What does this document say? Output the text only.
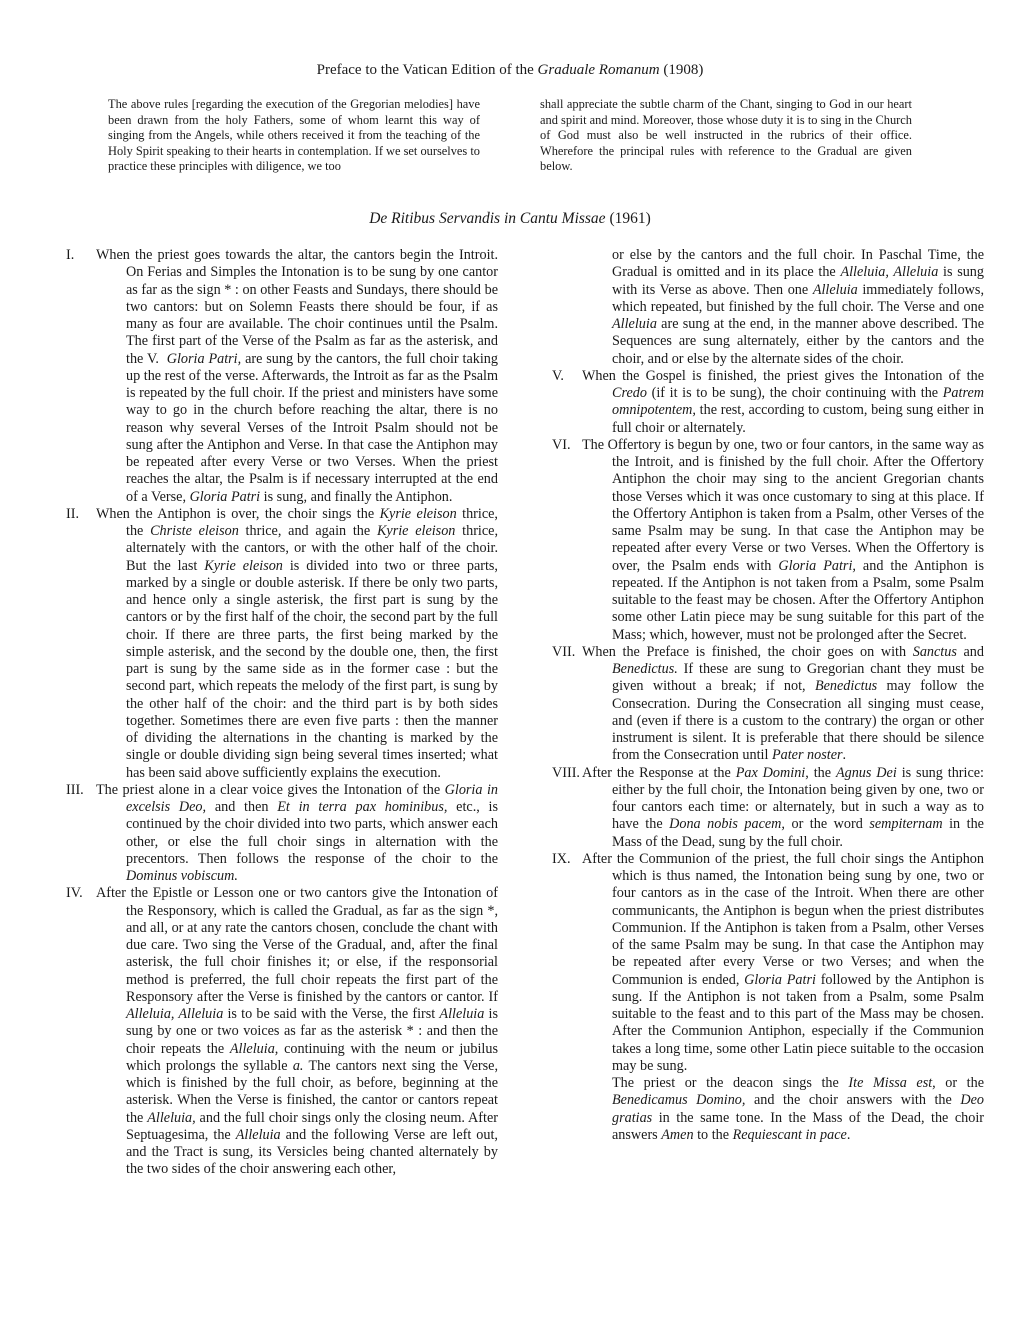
Preface to the Vatican Edition of the Graduale Romanum (1908)
The above rules [regarding the execution of the Gregorian melodies] have been drawn from the holy Fathers, some of whom learnt this way of singing from the Angels, while others received it from the teaching of the Holy Spirit speaking to their hearts in contemplation. If we set ourselves to practice these principles with diligence, we too
shall appreciate the subtle charm of the Chant, singing to God in our heart and spirit and mind. Moreover, those whose duty it is to sing in the Church of God must also be well instructed in the rubrics of their office. Wherefore the principal rules with reference to the Gradual are given below.
De Ritibus Servandis in Cantu Missae (1961)
I. When the priest goes towards the altar, the cantors begin the Introit. On Ferias and Simples the Intonation is to be sung by one cantor as far as the sign * : on other Feasts and Sundays, there should be two cantors: but on Solemn Feasts there should be four, if as many as four are available. The choir continues until the Psalm. The first part of the Verse of the Psalm as far as the asterisk, and the V.  Gloria Patri, are sung by the cantors, the full choir taking up the rest of the verse. Afterwards, the Introit as far as the Psalm is repeated by the full choir. If the priest and ministers have some way to go in the church before reaching the altar, there is no reason why several Verses of the Introit Psalm should not be sung after the Antiphon and Verse. In that case the Antiphon may be repeated after every Verse or two Verses. When the priest reaches the altar, the Psalm is if necessary interrupted at the end of a Verse, Gloria Patri is sung, and finally the Antiphon.
II. When the Antiphon is over, the choir sings the Kyrie eleison thrice, the Christe eleison thrice, and again the Kyrie eleison thrice, alternately with the cantors, or with the other half of the choir. But the last Kyrie eleison is divided into two or three parts, marked by a single or double asterisk. If there be only two parts, and hence only a single asterisk, the first part is sung by the cantors or by the first half of the choir, the second part by the full choir. If there are three parts, the first being marked by the simple asterisk, and the second by the double one, then, the first part is sung by the same side as in the former case : but the second part, which repeats the melody of the first part, is sung by the other half of the choir: and the third part is by both sides together. Sometimes there are even five parts : then the manner of dividing the alternations in the chanting is marked by the single or double dividing sign being several times inserted; what has been said above sufficiently explains the execution.
III. The priest alone in a clear voice gives the Intonation of the Gloria in excelsis Deo, and then Et in terra pax hominibus, etc., is continued by the choir divided into two parts, which answer each other, or else the full choir sings in alternation with the precentors. Then follows the response of the choir to the Dominus vobiscum.
IV. After the Epistle or Lesson one or two cantors give the Intonation of the Responsory, which is called the Gradual, as far as the sign *, and all, or at any rate the cantors chosen, conclude the chant with due care. Two sing the Verse of the Gradual, and, after the final asterisk, the full choir finishes it; or else, if the responsorial method is preferred, the full choir repeats the first part of the Responsory after the Verse is finished by the cantors or cantor. If Alleluia, Alleluia is to be said with the Verse, the first Alleluia is sung by one or two voices as far as the asterisk * : and then the choir repeats the Alleluia, continuing with the neum or jubilus which prolongs the syllable a. The cantors next sing the Verse, which is finished by the full choir, as before, beginning at the asterisk. When the Verse is finished, the cantor or cantors repeat the Alleluia, and the full choir sings only the closing neum. After Septuagesima, the Alleluia and the following Verse are left out, and the Tract is sung, its Versicles being chanted alternately by the two sides of the choir answering each other,
or else by the cantors and the full choir. In Paschal Time, the Gradual is omitted and in its place the Alleluia, Alleluia is sung with its Verse as above. Then one Alleluia immediately follows, which repeated, but finished by the full choir. The Verse and one Alleluia are sung at the end, in the manner above described. The Sequences are sung alternately, either by the cantors and the choir, and or else by the alternate sides of the choir.
V. When the Gospel is finished, the priest gives the Intonation of the Credo (if it is to be sung), the choir continuing with the Patrem omnipotentem, the rest, according to custom, being sung either in full choir or alternately.
VI. The Offertory is begun by one, two or four cantors, in the same way as the Introit, and is finished by the full choir. After the Offertory Antiphon the choir may sing to the ancient Gregorian chants those Verses which it was once customary to sing at this place. If the Offertory Antiphon is taken from a Psalm, other Verses of the same Psalm may be sung. In that case the Antiphon may be repeated after every Verse or two Verses. When the Offertory is over, the Psalm ends with Gloria Patri, and the Antiphon is repeated. If the Antiphon is not taken from a Psalm, some Psalm suitable to the feast may be chosen. After the Offertory Antiphon some other Latin piece may be sung suitable for this part of the Mass; which, however, must not be prolonged after the Secret.
VII. When the Preface is finished, the choir goes on with Sanctus and Benedictus. If these are sung to Gregorian chant they must be given without a break; if not, Benedictus may follow the Consecration. During the Consecration all singing must cease, and (even if there is a custom to the contrary) the organ or other instrument is silent. It is preferable that there should be silence from the Consecration until Pater noster.
VIII. After the Response at the Pax Domini, the Agnus Dei is sung thrice: either by the full choir, the Intonation being given by one, two or four cantors each time: or alternately, but in such a way as to have the Dona nobis pacem, or the word sempiternam in the Mass of the Dead, sung by the full choir.
IX. After the Communion of the priest, the full choir sings the Antiphon which is thus named, the Intonation being sung by one, two or four cantors as in the case of the Introit. When there are other communicants, the Antiphon is begun when the priest distributes Communion. If the Antiphon is taken from a Psalm, other Verses of the same Psalm may be sung. In that case the Antiphon may be repeated after every Verse or two Verses; and when the Communion is ended, Gloria Patri followed by the Antiphon is sung. If the Antiphon is not taken from a Psalm, some Psalm suitable to the feast and to this part of the Mass may be chosen. After the Communion Antiphon, especially if the Communion takes a long time, some other Latin piece suitable to the occasion may be sung.
The priest or the deacon sings the Ite Missa est, or the Benedicamus Domino, and the choir answers with the Deo gratias in the same tone. In the Mass of the Dead, the choir answers Amen to the Requiescant in pace.
